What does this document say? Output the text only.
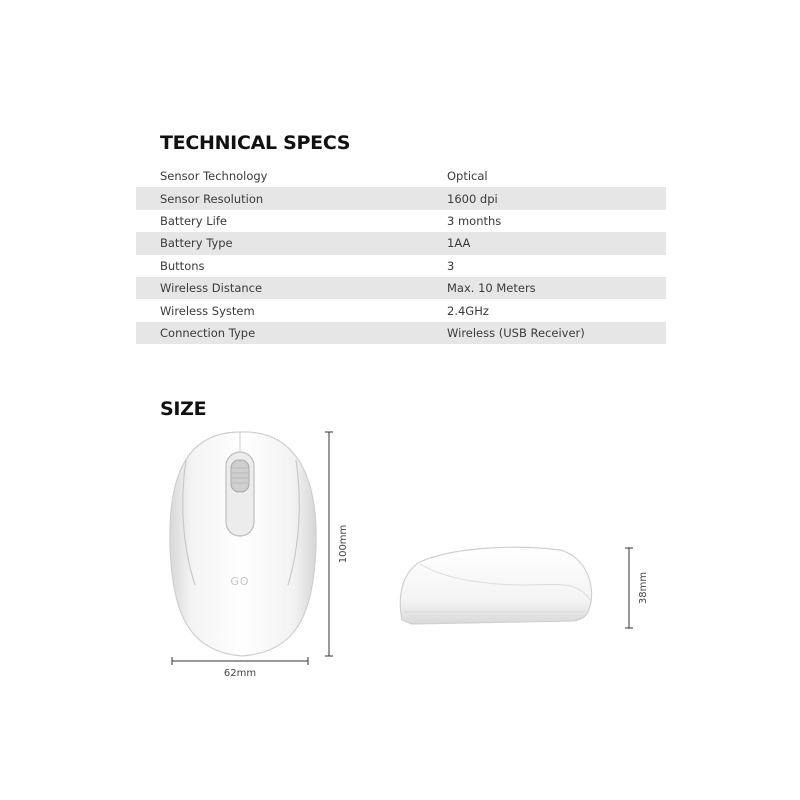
TECHNICAL SPECS
Sensor Technology	Optical
Sensor Resolution	1600 dpi
Battery Life	3 months
Battery Type	1AA
Buttons	3
Wireless Distance	Max. 10 Meters
Wireless System	2.4GHz
Connection Type	Wireless (USB Receiver)
SIZE
GO
100mm
62mm
38mm
